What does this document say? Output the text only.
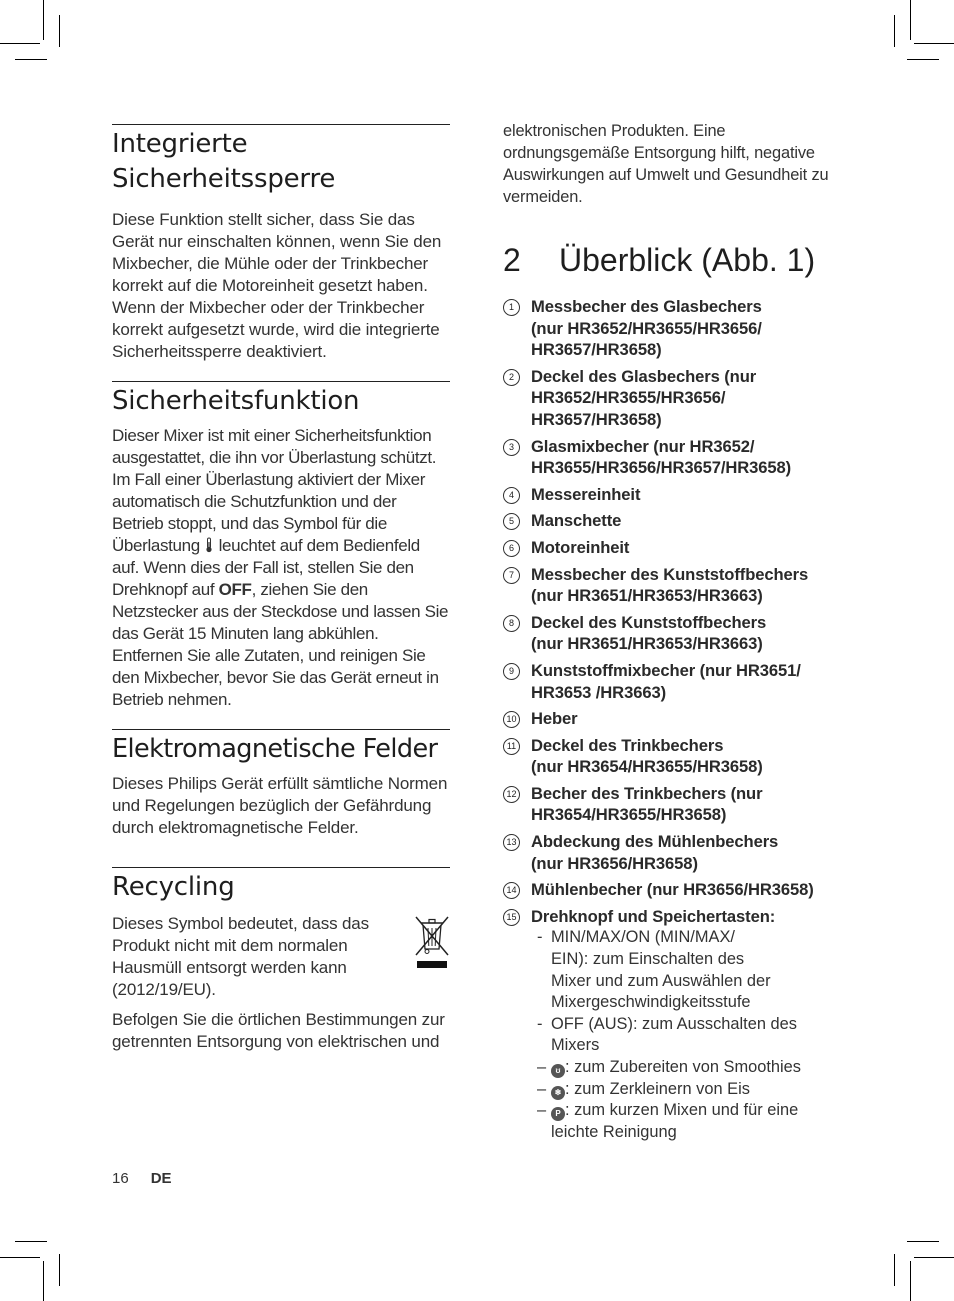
Integrierte
Sicherheitssperre

Diese Funktion stellt sicher, dass Sie das Gerät nur einschalten können, wenn Sie den Mixbecher, die Mühle oder der Trinkbecher korrekt auf die Motoreinheit gesetzt haben. Wenn der Mixbecher oder der Trinkbecher korrekt aufgesetzt wurde, wird die integrierte Sicherheitssperre deaktiviert.

Sicherheitsfunktion

Dieser Mixer ist mit einer Sicherheitsfunktion ausgestattet, die ihn vor Überlastung schützt. Im Fall einer Überlastung aktiviert der Mixer automatisch die Schutzfunktion und der Betrieb stoppt, und das Symbol für die Überlastung  leuchtet auf dem Bedienfeld auf. Wenn dies der Fall ist, stellen Sie den Drehknopf auf OFF, ziehen Sie den Netzstecker aus der Steckdose und lassen Sie das Gerät 15 Minuten lang abkühlen. Entfernen Sie alle Zutaten, und reinigen Sie den Mixbecher, bevor Sie das Gerät erneut in Betrieb nehmen.

Elektromagnetische Felder

Dieses Philips Gerät erfüllt sämtliche Normen und Regelungen bezüglich der Gefährdung durch elektromagnetische Felder.

Recycling

Dieses Symbol bedeutet, dass das Produkt nicht mit dem normalen Hausmüll entsorgt werden kann (2012/19/EU).

Befolgen Sie die örtlichen Bestimmungen zur getrennten Entsorgung von elektrischen und

elektronischen Produkten. Eine ordnungsgemäße Entsorgung hilft, negative Auswirkungen auf Umwelt und Gesundheit zu vermeiden.

2 Überblick (Abb. 1)
1	Messbecher des Glasbechers
(nur HR3652/HR3655/HR3656/
HR3657/HR3658)
2	Deckel des Glasbechers (nur
HR3652/HR3655/HR3656/
HR3657/HR3658)
3	Glasmixbecher (nur HR3652/
HR3655/HR3656/HR3657/HR3658)
4	Messereinheit
5	Manschette
6	Motoreinheit
7	Messbecher des Kunststoffbechers
(nur HR3651/HR3653/HR3663)
8	Deckel des Kunststoffbechers
(nur HR3651/HR3653/HR3663)
9	Kunststoffmixbecher (nur HR3651/
HR3653 /HR3663)
10 Heber
11 Deckel des Trinkbechers
(nur HR3654/HR3655/HR3658)
12 Becher des Trinkbechers (nur
HR3654/HR3655/HR3658)
13 Abdeckung des Mühlenbechers
(nur HR3656/HR3658)
14 Mühlenbecher (nur HR3656/HR3658)
15 Drehknopf und Speichertasten:
- MIN/MAX/ON (MIN/MAX/
EIN): zum Einschalten des
Mixer und zum Auswählen der
Mixergeschwindigkeitsstufe
- OFF (AUS): zum Ausschalten des
Mixers
– ʊ : zum Zubereiten von Smoothies
– ❄ : zum Zerkleinern von Eis
– P : zum kurzen Mixen und für eine
leichte Reinigung
16 DE
